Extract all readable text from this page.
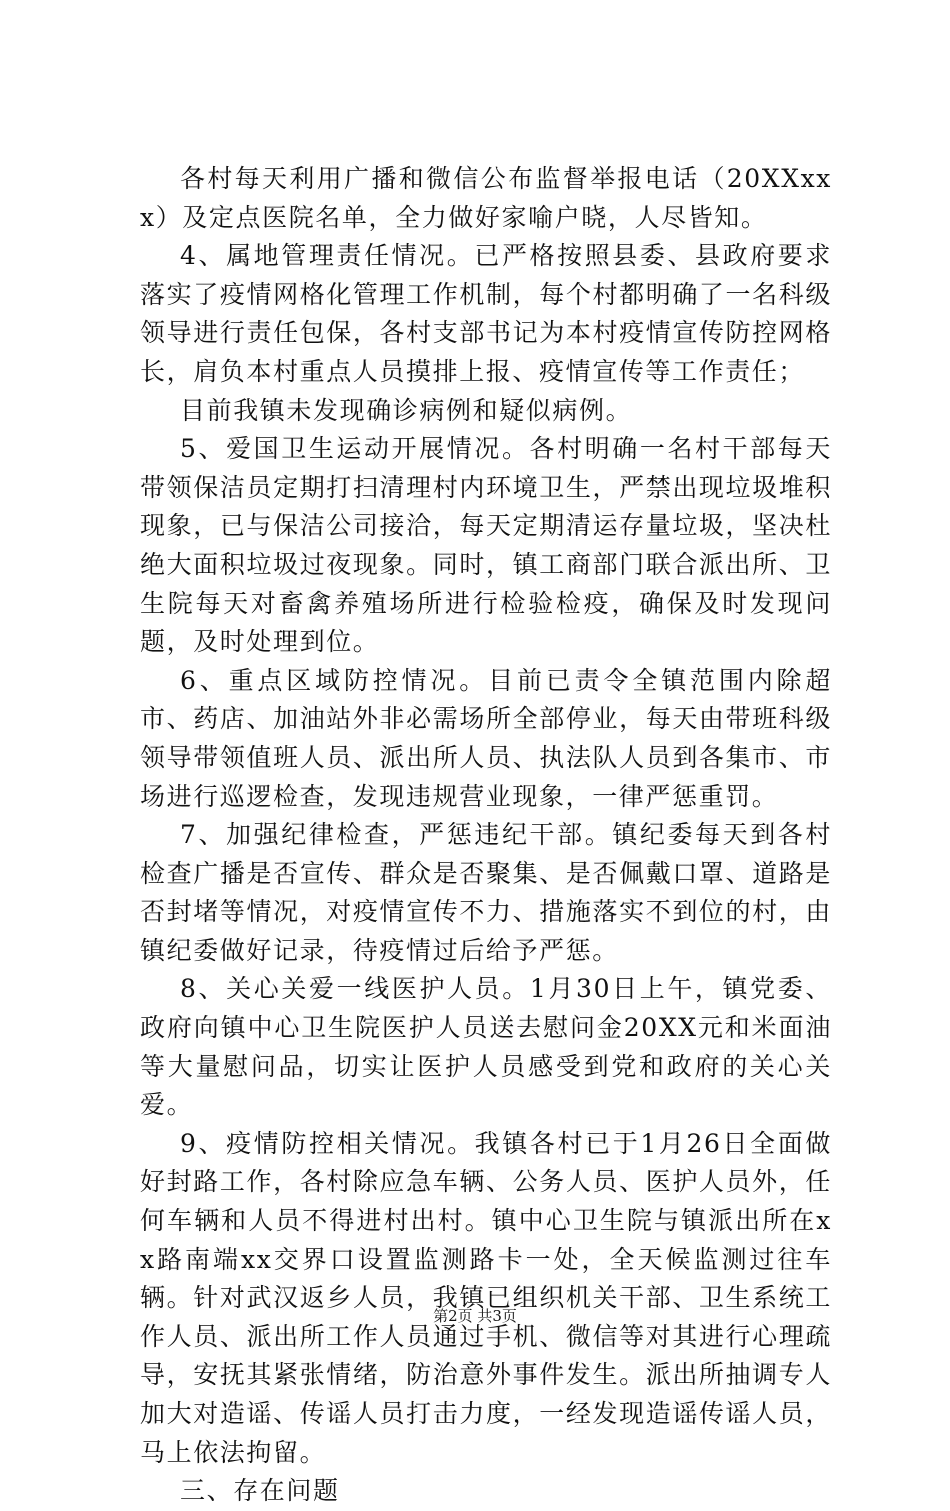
各村每天利用广播和微信公布监督举报电话（20XXxxx）及定点医院名单，全力做好家喻户晓，人尽皆知。

4、属地管理责任情况。已严格按照县委、县政府要求落实了疫情网格化管理工作机制，每个村都明确了一名科级领导进行责任包保，各村支部书记为本村疫情宣传防控网格长，肩负本村重点人员摸排上报、疫情宣传等工作责任；

目前我镇未发现确诊病例和疑似病例。

5、爱国卫生运动开展情况。各村明确一名村干部每天带领保洁员定期打扫清理村内环境卫生，严禁出现垃圾堆积现象，已与保洁公司接洽，每天定期清运存量垃圾，坚决杜绝大面积垃圾过夜现象。同时，镇工商部门联合派出所、卫生院每天对畜禽养殖场所进行检验检疫，确保及时发现问题，及时处理到位。

6、重点区域防控情况。目前已责令全镇范围内除超市、药店、加油站外非必需场所全部停业，每天由带班科级领导带领值班人员、派出所人员、执法队人员到各集市、市场进行巡逻检查，发现违规营业现象，一律严惩重罚。

7、加强纪律检查，严惩违纪干部。镇纪委每天到各村检查广播是否宣传、群众是否聚集、是否佩戴口罩、道路是否封堵等情况，对疫情宣传不力、措施落实不到位的村，由镇纪委做好记录，待疫情过后给予严惩。

8、关心关爱一线医护人员。1月30日上午，镇党委、政府向镇中心卫生院医护人员送去慰问金20XX元和米面油等大量慰问品，切实让医护人员感受到党和政府的关心关爱。

9、疫情防控相关情况。我镇各村已于1月26日全面做好封路工作，各村除应急车辆、公务人员、医护人员外，任何车辆和人员不得进村出村。镇中心卫生院与镇派出所在xx路南端xx交界口设置监测路卡一处，全天候监测过往车辆。针对武汉返乡人员，我镇已组织机关干部、卫生系统工作人员、派出所工作人员通过手机、微信等对其进行心理疏导，安抚其紧张情绪，防治意外事件发生。派出所抽调专人加大对造谣、传谣人员打击力度，一经发现造谣传谣人员，马上依法拘留。

三、存在问题

第2页 共3页
